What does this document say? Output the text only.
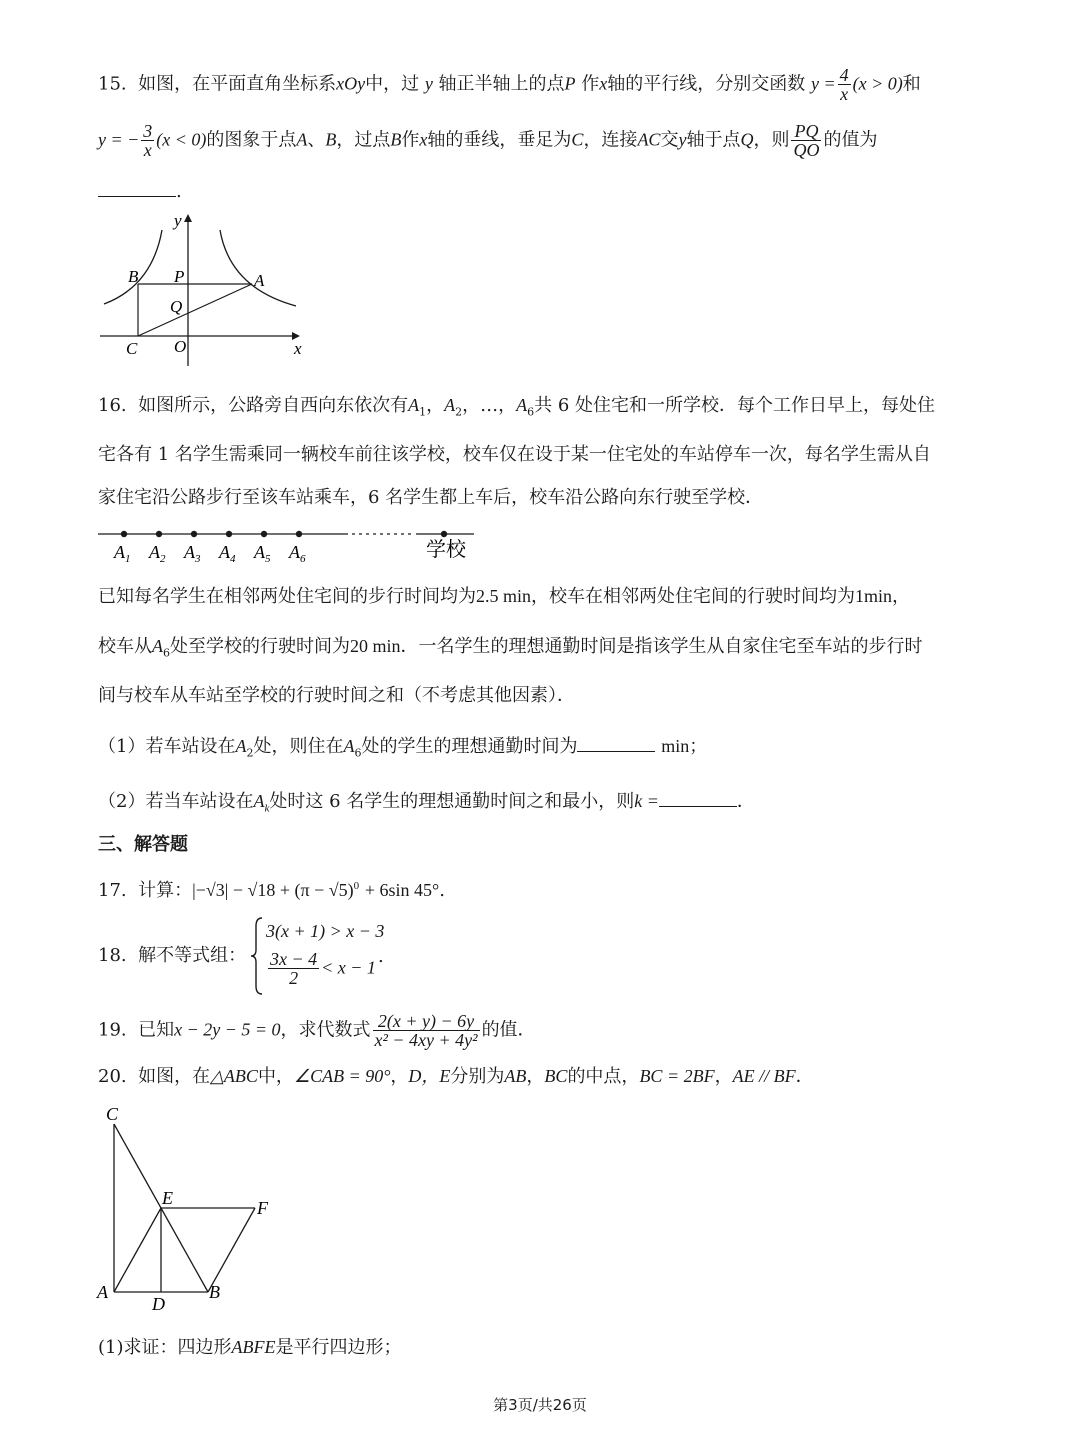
15. 如图，在平面直角坐标系xOy中，过 y 轴正半轴上的点P 作x轴的平行线，分别交函数 $y = \frac{4}{x} (x > 0)$和
y = − $\frac{3}{x} (x < 0)$的图象于点A、B，过点B作x轴的垂线，垂足为C，连接AC交y轴于点Q，则 $\frac{PQ}{QO}$ 的值为
.
y
x
B P	A
Q
C O
16. 如图所示，公路旁自西向东依次有$A_1$，$A_2$，…，$A_6$共 6 处住宅和一所学校．每个工作日早上，每处住
宅各有 1 名学生需乘同一辆校车前往该学校，校车仅在设于某一住宅处的车站停车一次，每名学生需从自
家住宅沿公路步行至该车站乘车，6 名学生都上车后，校车沿公路向东行驶至学校．
$A_1$ $A_2$ $A_3$ $A_4$ $A_5$ $A_6$	学校
已知每名学生在相邻两处住宅间的步行时间均为2.5 min，校车在相邻两处住宅间的行驶时间均为1min，
校车从$A_6$处至学校的行驶时间为20 min．一名学生的理想通勤时间是指该学生从自家住宅至车站的步行时
间与校车从车站至学校的行驶时间之和（不考虑其他因素）．
（1）若车站设在$A_2$处，则住在$A_6$处的学生的理想通勤时间为	min；
（2）若当车站设在$A_k$处时这 6 名学生的理想通勤时间之和最小，则k =	．
三、解答题
17. 计算：$|-√3| - √18 + (\pi - √5)^0 + 6\sin$ 45°.
18. 解不等式组：
3(x + 1) > x − 3
$\frac{3x - 4}{2} < x - 1$
.
19. 已知x − 2y − 5 = 0，求代数式 $\frac{2(x + y) - 6y}{\text{x² − 4xy + 4y²}}$ 的值．
20. 如图，在△ABC中，∠CAB = 90°，D，E分别为AB，BC的中点，BC = 2BF，AE // BF．
C
E	F
A
D
B
(1)求证：四边形ABFE是平行四边形；
第3页/共26页
